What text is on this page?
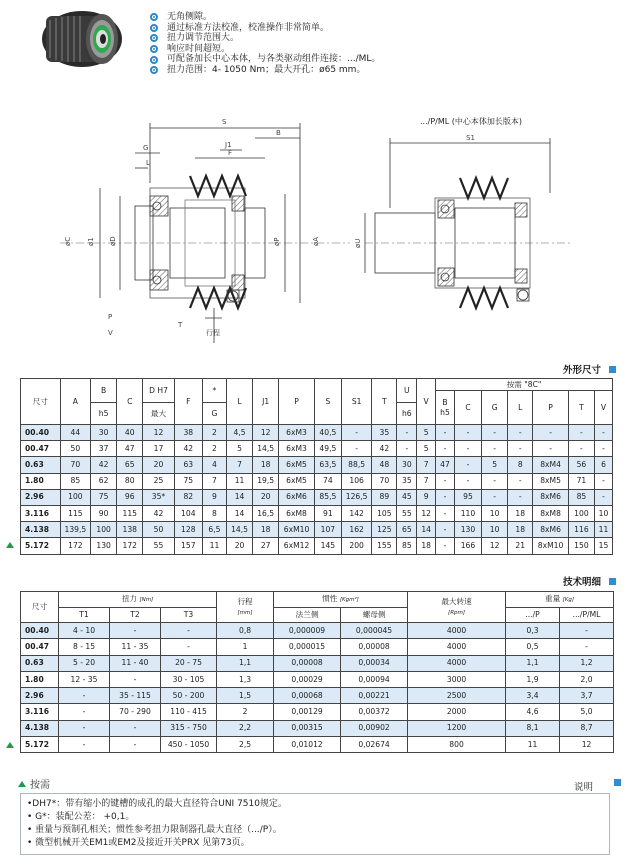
无角侧隙。
通过标准方法校准，校准操作非常简单。
扭力调节范围大。
响应时间超短。
可配备加长中心本体，与各类驱动组件连接：.../ML。
扭力范围：4- 1050 Nm；最大开孔：ø65 mm。
S
G
L
J1
F
B
T
P
V	行程
øC ø1 øD	øP	øA
S1
øU
.../P/ML (中心本体加长版本)
外形尺寸
尺寸	A	B	C	D H7	F	*	L	J1	P	S	S1	T	U	V	按需 "8C"						
															B
h5	C	G	L	P	T	V
		h5		最大		G							h6								
00.40	44	30	40	12	38	2	4,5	12	6xM3	40,5	-	35	-	5	-	-	-	-	-	-	-
00.47	50	37	47	17	42	2	5	14,5	6xM3	49,5	-	42	-	5	-	-	-	-	-	-	-
0.63	70	42	65	20	63	4	7	18	6xM5	63,5	88,5	48	30	7	47	-	5	8	8xM4	56	6
1.80	85	62	80	25	75	7	11	19,5	6xM5	74	106	70	35	7	-	-	-	-	8xM5	71	-
2.96	100	75	96	35*	82	9	14	20	6xM6	85,5	126,5	89	45	9	-	95	-	-	8xM6	85	-
3.116	115	90	115	42	104	8	14	16,5	6xM8	91	142	105	55	12	-	110	10	18	8xM8	100	10
4.138	139,5	100	138	50	128	6,5	14,5	18	6xM10	107	162	125	65	14	-	130	10	18	8xM6	116	11
5.172	172	130	172	55	157	11	20	27	6xM12	145	200	155	85	18	-	166	12	21	8xM10	150	15
技术明细
尺寸	扭力 [Nm]			行程
[mm]	惯性 [Kgm²]		最大转速
[Rpm]	重量 [Kg]	
	T1	T2	T3		法兰侧	螺母侧		.../P	.../P/ML
00.40	4 - 10	-	-	0,8	0,000009	0,000045	4000	0,3	-
00.47	8 - 15	11 - 35	-	1	0,000015	0,00008	4000	0,5	-
0.63	5 - 20	11 - 40	20 - 75	1,1	0,00008	0,00034	4000	1,1	1,2
1.80	12 - 35	-	30 - 105	1,3	0,00029	0,00094	3000	1,9	2,0
2.96	-	35 - 115	50 - 200	1,5	0,00068	0,00221	2500	3,4	3,7
3.116	-	70 - 290	110 - 415	2	0,00129	0,00372	2000	4,6	5,0
4.138	-	-	315 - 750	2,2	0,00315	0,00902	1200	8,1	8,7
5.172	-	-	450 - 1050	2,5	0,01012	0,02674	800	11	12
按需	说明
•DH7*：带有缩小的键槽的成孔的最大直径符合UNI 7510规定。
• G*：装配公差： +0,1。
• 重量与预制孔相关；惯性参考扭力限制器孔最大直径（.../P）。
• 微型机械开关EM1或EM2及接近开关PRX 见第73页。
